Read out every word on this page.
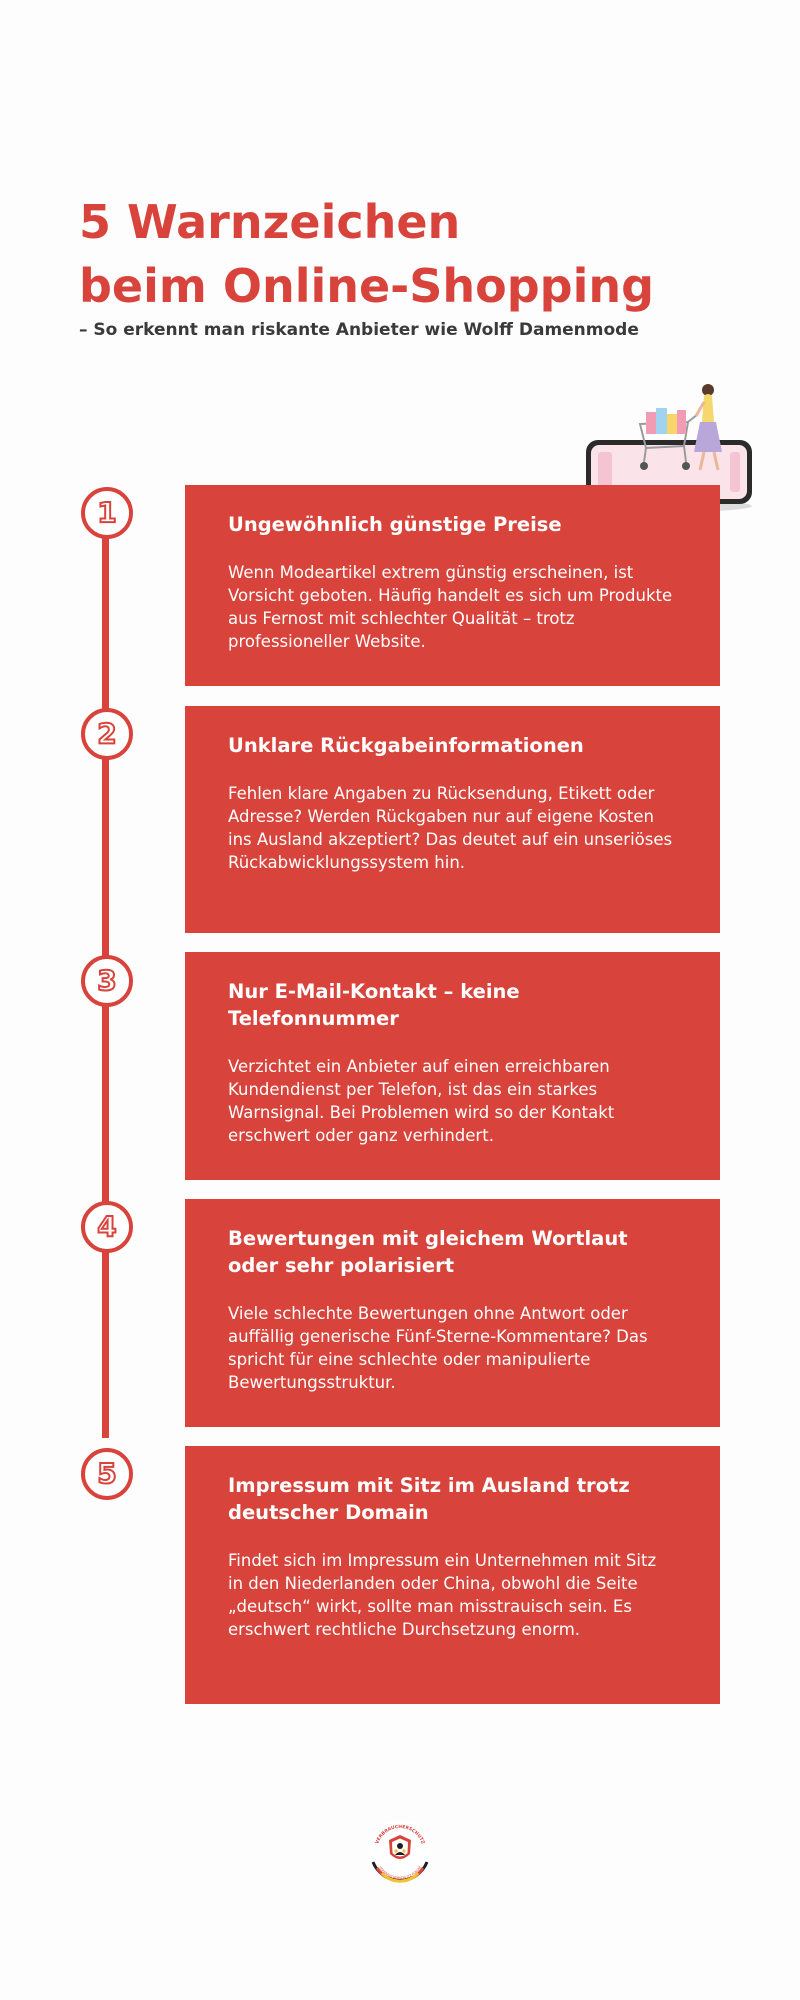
5 Warnzeichen
beim Online-Shopping

– So erkennt man riskante Anbieter wie Wolff Damenmode

1	Ungewöhnlich günstige Preise

Wenn Modeartikel extrem günstig erscheinen, ist Vorsicht geboten. Häufig handelt es sich um Produkte aus Fernost mit schlechter Qualität – trotz professioneller Website.

2	Unklare Rückgabeinformationen

Fehlen klare Angaben zu Rücksendung, Etikett oder Adresse? Werden Rückgaben nur auf eigene Kosten ins Ausland akzeptiert? Das deutet auf ein unseriöses Rückabwicklungssystem hin.

3	Nur E-Mail-Kontakt – keine Telefonnummer

Verzichtet ein Anbieter auf einen erreichbaren Kundendienst per Telefon, ist das ein starkes Warnsignal. Bei Problemen wird so der Kontakt erschwert oder ganz verhindert.

4	Bewertungen mit gleichem Wortlaut oder sehr polarisiert

Viele schlechte Bewertungen ohne Antwort oder auffällig generische Fünf-Sterne-Kommentare? Das spricht für eine schlechte oder manipulierte Bewertungsstruktur.

5	Impressum mit Sitz im Ausland trotz deutscher Domain

Findet sich im Impressum ein Unternehmen mit Sitz in den Niederlanden oder China, obwohl die Seite „deutsch“ wirkt, sollte man misstrauisch sein. Es erschwert rechtliche Durchsetzung enorm.

VERBRAUCHERSCHUTZ
VERBRAUCHERSCHUTZ FORUM
